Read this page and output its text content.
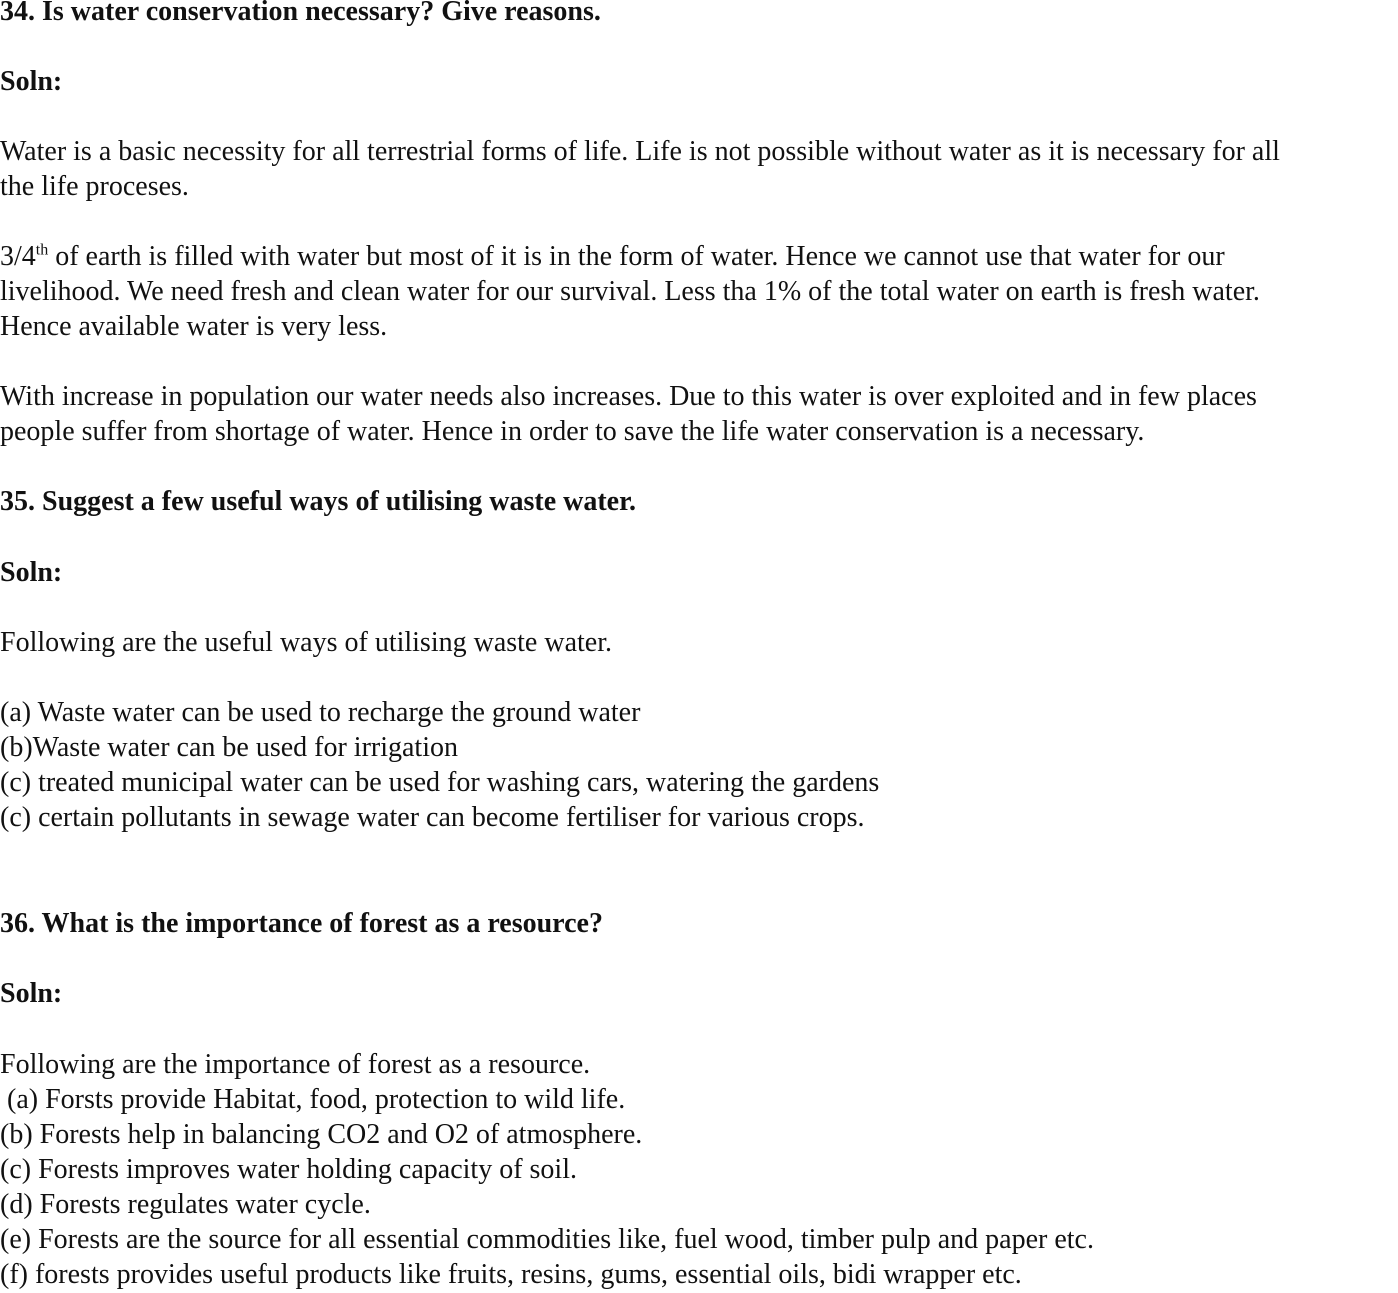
34. Is water conservation necessary? Give reasons.

Soln:

Water is a basic necessity for all terrestrial forms of life. Life is not possible without water as it is necessary for all

the life proceses.

3/4th of earth is filled with water but most of it is in the form of water. Hence we cannot use that water for our

livelihood. We need fresh and clean water for our survival. Less tha 1% of the total water on earth is fresh water.

Hence available water is very less.

With increase in population our water needs also increases. Due to this water is over exploited and in few places

people suffer from shortage of water. Hence in order to save the life water conservation is a necessary.

35. Suggest a few useful ways of utilising waste water.

Soln:

Following are the useful ways of utilising waste water.

(a) Waste water can be used to recharge the ground water

(b)Waste water can be used for irrigation

(c) treated municipal water can be used for washing cars, watering the gardens

(c) certain pollutants in sewage water can become fertiliser for various crops.

36. What is the importance of forest as a resource?

Soln:

Following are the importance of forest as a resource.

(a) Forsts provide Habitat, food, protection to wild life.

(b) Forests help in balancing CO2 and O2 of atmosphere.

(c) Forests improves water holding capacity of soil.

(d) Forests regulates water cycle.

(e) Forests are the source for all essential commodities like, fuel wood, timber pulp and paper etc.

(f) forests provides useful products like fruits, resins, gums, essential oils, bidi wrapper etc.
